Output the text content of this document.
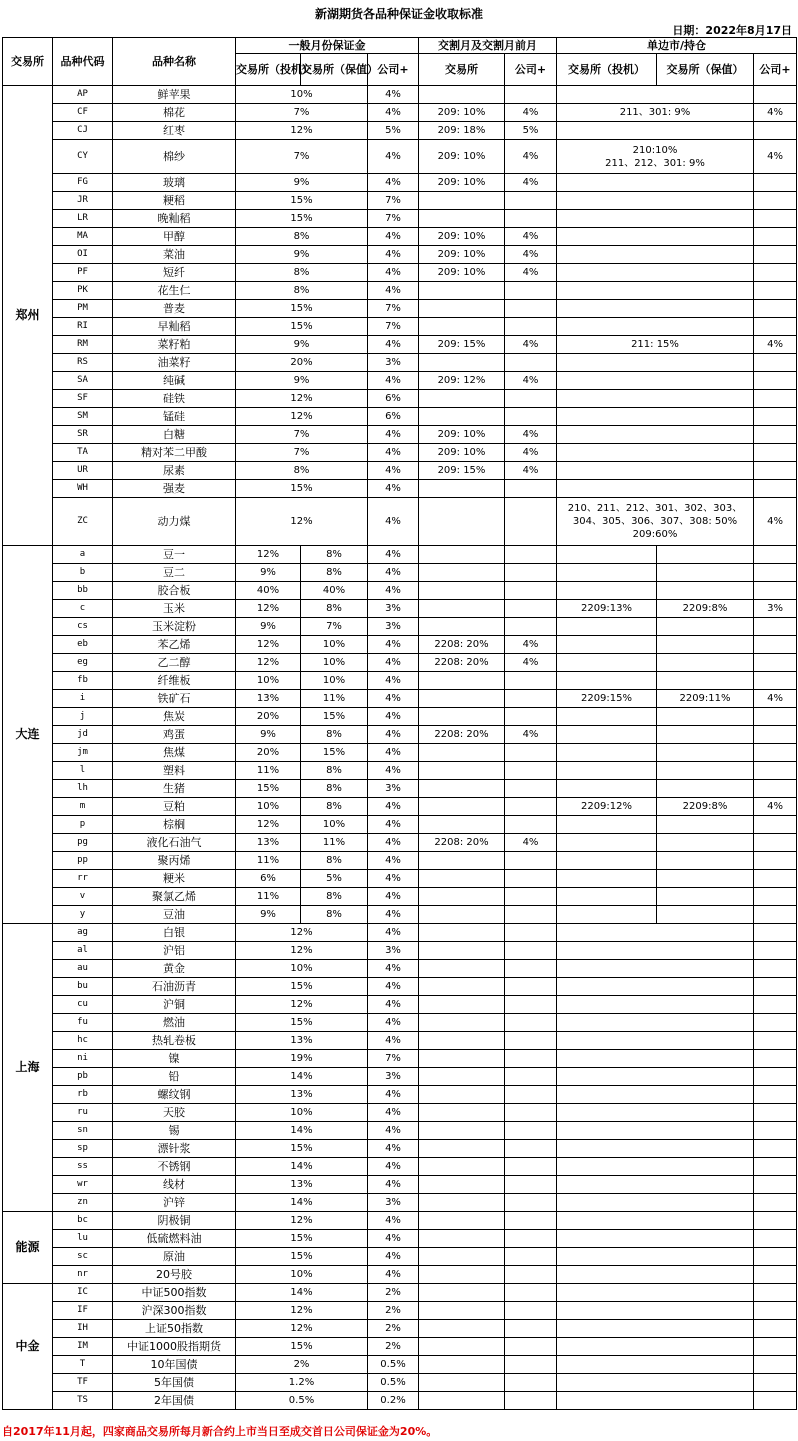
新湖期货各品种保证金收取标准
日期：2022年8月17日
交易所	品种代码	品种名称	一般月份保证金			交割月及交割月前月		单边市/持仓		
			交易所（投机）	交易所（保值）	公司+	交易所	公司+	交易所（投机）	交易所（保值）	公司+

郑州	AP	鲜苹果	10%		4%					
	CF	棉花	7%		4%	209: 10%	4%	211、301: 9%		4%
	CJ	红枣	12%		5%	209: 18%	5%			
	CY	棉纱	7%		4%	209: 10%	4%	210:10%
211、212、301: 9%		4%
	FG	玻璃	9%		4%	209: 10%	4%			
	JR	粳稻	15%		7%					
	LR	晚籼稻	15%		7%					
	MA	甲醇	8%		4%	209: 10%	4%			
	OI	菜油	9%		4%	209: 10%	4%			
	PF	短纤	8%		4%	209: 10%	4%			
	PK	花生仁	8%		4%					
	PM	普麦	15%		7%					
	RI	早籼稻	15%		7%					
	RM	菜籽粕	9%		4%	209: 15%	4%	211: 15%		4%
	RS	油菜籽	20%		3%					
	SA	纯碱	9%		4%	209: 12%	4%			
	SF	硅铁	12%		6%					
	SM	锰硅	12%		6%					
	SR	白糖	7%		4%	209: 10%	4%			
	TA	精对苯二甲酸	7%		4%	209: 10%	4%			
	UR	尿素	8%		4%	209: 15%	4%			
	WH	强麦	15%		4%					
	ZC	动力煤	12%		4%			210、211、212、301、302、303、
304、305、306、307、308: 50%
209:60%		4%
大连	a	豆一	12%	8%	4%					
	b	豆二	9%	8%	4%					
	bb	胶合板	40%	40%	4%					
	c	玉米	12%	8%	3%			2209:13%	2209:8%	3%
	cs	玉米淀粉	9%	7%	3%					
	eb	苯乙烯	12%	10%	4%	2208: 20%	4%			
	eg	乙二醇	12%	10%	4%	2208: 20%	4%			
	fb	纤维板	10%	10%	4%					
	i	铁矿石	13%	11%	4%			2209:15%	2209:11%	4%
	j	焦炭	20%	15%	4%					
	jd	鸡蛋	9%	8%	4%	2208: 20%	4%			
	jm	焦煤	20%	15%	4%					
	l	塑料	11%	8%	4%					
	lh	生猪	15%	8%	3%					
	m	豆粕	10%	8%	4%			2209:12%	2209:8%	4%
	p	棕榈	12%	10%	4%					
	pg	液化石油气	13%	11%	4%	2208: 20%	4%			
	pp	聚丙烯	11%	8%	4%					
	rr	粳米	6%	5%	4%					
	v	聚氯乙烯	11%	8%	4%					
	y	豆油	9%	8%	4%					
上海	ag	白银	12%		4%					
	al	沪铝	12%		3%					
	au	黄金	10%		4%					
	bu	石油沥青	15%		4%					
	cu	沪铜	12%		4%					
	fu	燃油	15%		4%					
	hc	热轧卷板	13%		4%					
	ni	镍	19%		7%					
	pb	铅	14%		3%					
	rb	螺纹钢	13%		4%					
	ru	天胶	10%		4%					
	sn	锡	14%		4%					
	sp	漂针浆	15%		4%					
	ss	不锈钢	14%		4%					
	wr	线材	13%		4%					
	zn	沪锌	14%		3%					
能源	bc	阴极铜	12%		4%					
	lu	低硫燃料油	15%		4%					
	sc	原油	15%		4%					
	nr	20号胶	10%		4%					
中金	IC	中证500指数	14%		2%					
	IF	沪深300指数	12%		2%					
	IH	上证50指数	12%		2%					
	IM	中证1000股指期货	15%		2%					
	T	10年国债	2%		0.5%					
	TF	5年国债	1.2%		0.5%					
	TS	2年国债	0.5%		0.2%					
自2017年11月起，四家商品交易所每月新合约上市当日至成交首日公司保证金为20%。
